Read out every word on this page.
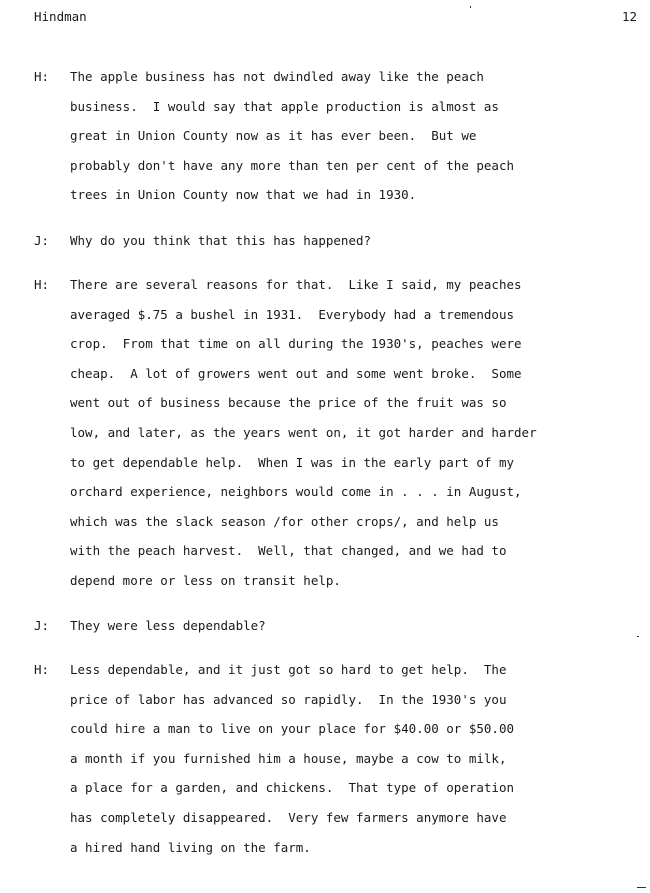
Hindman	12
H: The apple business has not dwindled away like the peach
business.  I would say that apple production is almost as
great in Union County now as it has ever been.  But we
probably don't have any more than ten per cent of the peach
trees in Union County now that we had in 1930.
J: Why do you think that this has happened?
H: There are several reasons for that.  Like I said, my peaches
averaged $.75 a bushel in 1931.  Everybody had a tremendous
crop.  From that time on all during the 1930's, peaches were
cheap.  A lot of growers went out and some went broke.  Some
went out of business because the price of the fruit was so
low, and later, as the years went on, it got harder and harder
to get dependable help.  When I was in the early part of my
orchard experience, neighbors would come in . . . in August,
which was the slack season /for other crops/, and help us
with the peach harvest.  Well, that changed, and we had to
depend more or less on transit help.
J: They were less dependable?
H: Less dependable, and it just got so hard to get help.  The
price of labor has advanced so rapidly.  In the 1930's you
could hire a man to live on your place for $40.00 or $50.00
a month if you furnished him a house, maybe a cow to milk,
a place for a garden, and chickens.  That type of operation
has completely disappeared.  Very few farmers anymore have
a hired hand living on the farm.
